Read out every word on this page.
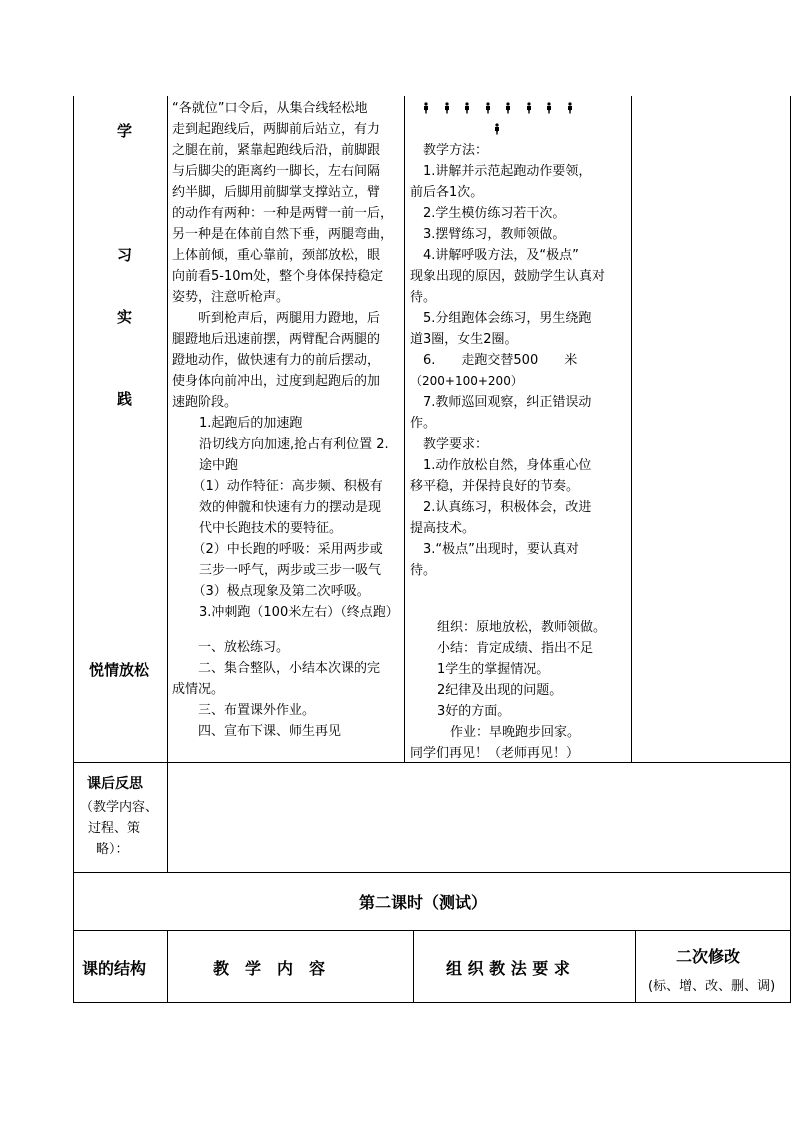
学
习
实
践
悦情放松
课后反思
（教学内容、
过程、策
略）：
“各就位”口令后，从集合线轻松地
走到起跑线后，两脚前后站立，有力
之腿在前，紧靠起跑线后沿，前脚跟
与后脚尖的距离约一脚长，左右间隔
约半脚，后脚用前脚掌支撑站立，臂
的动作有两种：一种是两臂一前一后，
另一种是在体前自然下垂，两腿弯曲，
上体前倾，重心靠前，颈部放松，眼
向前看5-10m处，整个身体保持稳定
姿势，注意听枪声。
　　听到枪声后，两腿用力蹬地，后
腿蹬地后迅速前摆，两臂配合两腿的
蹬地动作，做快速有力的前后摆动，
使身体向前冲出，过度到起跑后的加
速跑阶段。
　1.起跑后的加速跑
　沿切线方向加速,抢占有利位置 2.
　途中跑
　（1）动作特征：高步频、积极有
　效的伸髋和快速有力的摆动是现
　代中长跑技术的要特征。
　（2）中长跑的呼吸：采用两步或
　三步一呼气，两步或三步一吸气
　（3）极点现象及第二次呼吸。
　3.冲刺跑（100米左右）（终点跑）
　　一、放松练习。
　　二、集合整队，小结本次课的完
成情况。
　　三、布置课外作业。
　　四、宣布下课、师生再见
　教学方法：
　1.讲解并示范起跑动作要领，
前后各1次。
　2.学生模仿练习若干次。
　3.摆臂练习，教师领做。
　4.讲解呼吸方法，及“极点”
现象出现的原因，鼓励学生认真对
待。
　5.分组跑体会练习，男生绕跑
道3圈，女生2圈。
　6.　　走跑交替500　　米
（200+100+200）
　7.教师巡回观察，纠正错误动
作。
　教学要求：
　1.动作放松自然，身体重心位
移平稳，并保持良好的节奏。
　2.认真练习，积极体会，改进
提高技术。
　3.“极点”出现时，要认真对
待。
　组织：原地放松，教师领做。
　小结：肯定成绩、指出不足
　1学生的掌握情况。
　2纪律及出现的问题。
　3好的方面。
　　作业：早晚跑步回家。
同学们再见！（老师再见！）
第二课时（测试）
课的结构	教　学　内　容	组 织 教 法 要 求
二次修改
(标、增、改、删、调)
